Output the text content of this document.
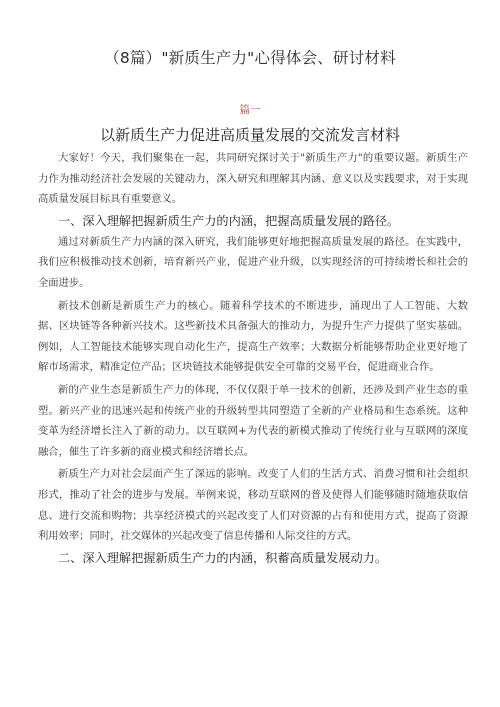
（8篇）"新质生产力"心得体会、研讨材料
篇一
以新质生产力促进高质量发展的交流发言材料

大家好！今天，我们聚集在一起，共同研究探讨关于"新质生产力"的重要议题。新质生产力作为推动经济社会发展的关键动力，深入研究和理解其内涵、意义以及实践要求，对于实现高质量发展目标具有重要意义。

一、深入理解把握新质生产力的内涵，把握高质量发展的路径。

通过对新质生产力内涵的深入研究，我们能够更好地把握高质量发展的路径。在实践中，我们应积极推动技术创新，培育新兴产业，促进产业升级，以实现经济的可持续增长和社会的全面进步。

新技术创新是新质生产力的核心。随着科学技术的不断进步，涌现出了人工智能、大数据、区块链等各种新兴技术。这些新技术具备强大的推动力，为提升生产力提供了坚实基础。例如，人工智能技术能够实现自动化生产，提高生产效率；大数据分析能够帮助企业更好地了解市场需求，精准定位产品；区块链技术能够提供安全可靠的交易平台，促进商业合作。

新的产业生态是新质生产力的体现，不仅仅限于单一技术的创新，还涉及到产业生态的重塑。新兴产业的迅速兴起和传统产业的升级转型共同塑造了全新的产业格局和生态系统。这种变革为经济增长注入了新的动力。以互联网+为代表的新模式推动了传统行业与互联网的深度融合，催生了许多新的商业模式和经济增长点。

新质生产力对社会层面产生了深远的影响。改变了人们的生活方式、消费习惯和社会组织形式，推动了社会的进步与发展。举例来说，移动互联网的普及使得人们能够随时随地获取信息、进行交流和购物；共享经济模式的兴起改变了人们对资源的占有和使用方式，提高了资源利用效率；同时，社交媒体的兴起改变了信息传播和人际交往的方式。

二、深入理解把握新质生产力的内涵，积蓄高质量发展动力。
